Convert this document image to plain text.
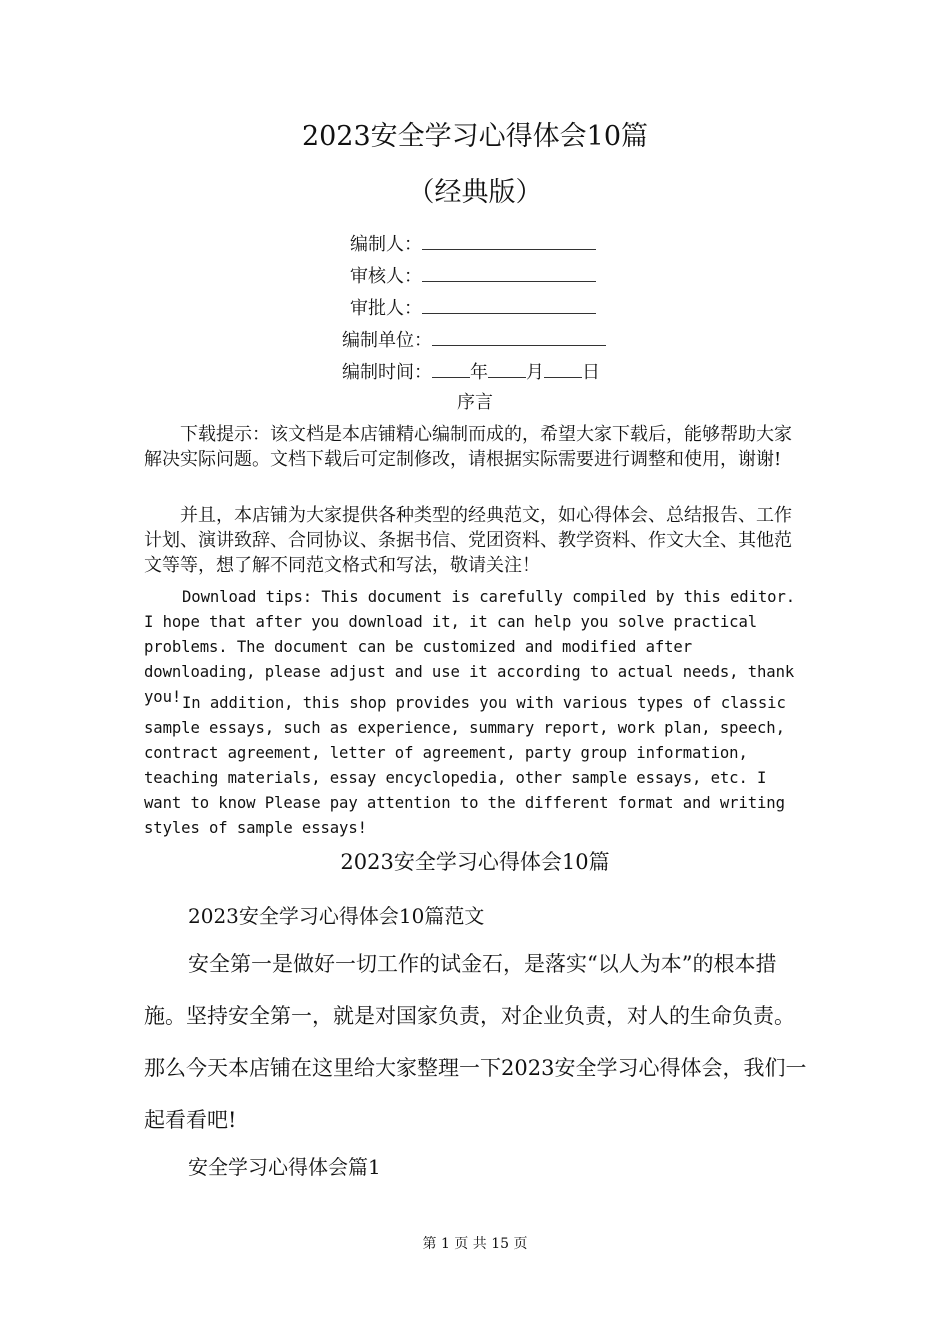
2023安全学习心得体会10篇
（经典版）
编制人：
审核人：
审批人：
编制单位：
编制时间： 年 月 日
序言
下载提示：该文档是本店铺精心编制而成的，希望大家下载后，能够帮助大家解决实际问题。文档下载后可定制修改，请根据实际需要进行调整和使用，谢谢!
并且，本店铺为大家提供各种类型的经典范文，如心得体会、总结报告、工作计划、演讲致辞、合同协议、条据书信、党团资料、教学资料、作文大全、其他范文等等，想了解不同范文格式和写法，敬请关注！
Download tips: This document is carefully compiled by this editor. I hope that after you download it, it can help you solve practical problems. The document can be customized and modified after downloading, please adjust and use it according to actual needs, thank you! In addition, this shop provides you with various types of classic sample essays, such as experience, summary report, work plan, speech, contract agreement, letter of agreement, party group information, teaching materials, essay encyclopedia, other sample essays, etc. I want to know Please pay attention to the different format and writing styles of sample essays!
2023安全学习心得体会10篇
2023安全学习心得体会10篇范文
安全第一是做好一切工作的试金石，是落实“以人为本”的根本措施。坚持安全第一，就是对国家负责，对企业负责，对人的生命负责。那么今天本店铺在这里给大家整理一下2023安全学习心得体会，我们一起看看吧!
安全学习心得体会篇1
第 1 页 共 15 页
